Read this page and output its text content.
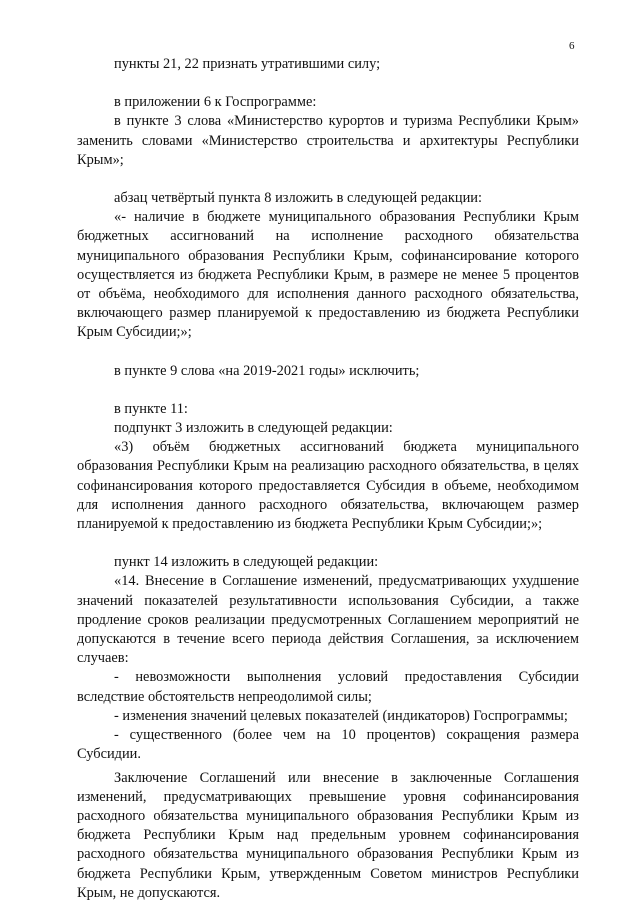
6

пункты 21, 22 признать утратившими силу;

в приложении 6 к Госпрограмме:

в пункте 3 слова «Министерство курортов и туризма Республики Крым» заменить словами «Министерство строительства и архитектуры Республики Крым»;

абзац четвёртый пункта 8 изложить в следующей редакции:

«- наличие в бюджете муниципального образования Республики Крым бюджетных ассигнований на исполнение расходного обязательства муниципального образования Республики Крым, софинансирование которого осуществляется из бюджета Республики Крым, в размере не менее 5 процентов от объёма, необходимого для исполнения данного расходного обязательства, включающего размер планируемой к предоставлению из бюджета Республики Крым Субсидии;»;

в пункте 9 слова «на 2019-2021 годы» исключить;

в пункте 11:

подпункт 3 изложить в следующей редакции:

«3) объём бюджетных ассигнований бюджета муниципального образования Республики Крым на реализацию расходного обязательства, в целях софинансирования которого предоставляется Субсидия в объеме, необходимом для исполнения данного расходного обязательства, включающем размер планируемой к предоставлению из бюджета Республики Крым Субсидии;»;

пункт 14 изложить в следующей редакции:

«14. Внесение в Соглашение изменений, предусматривающих ухудшение значений показателей результативности использования Субсидии, а также продление сроков реализации предусмотренных Соглашением мероприятий не допускаются в течение всего периода действия Соглашения, за исключением случаев:

- невозможности выполнения условий предоставления Субсидии вследствие обстоятельств непреодолимой силы;

- изменения значений целевых показателей (индикаторов) Госпрограммы;

- существенного (более чем на 10 процентов) сокращения размера Субсидии.

Заключение Соглашений или внесение в заключенные Соглашения изменений, предусматривающих превышение уровня софинансирования расходного обязательства муниципального образования Республики Крым из бюджета Республики Крым над предельным уровнем софинансирования расходного обязательства муниципального образования Республики Крым из бюджета Республики Крым, утвержденным Советом министров Республики Крым, не допускаются.
